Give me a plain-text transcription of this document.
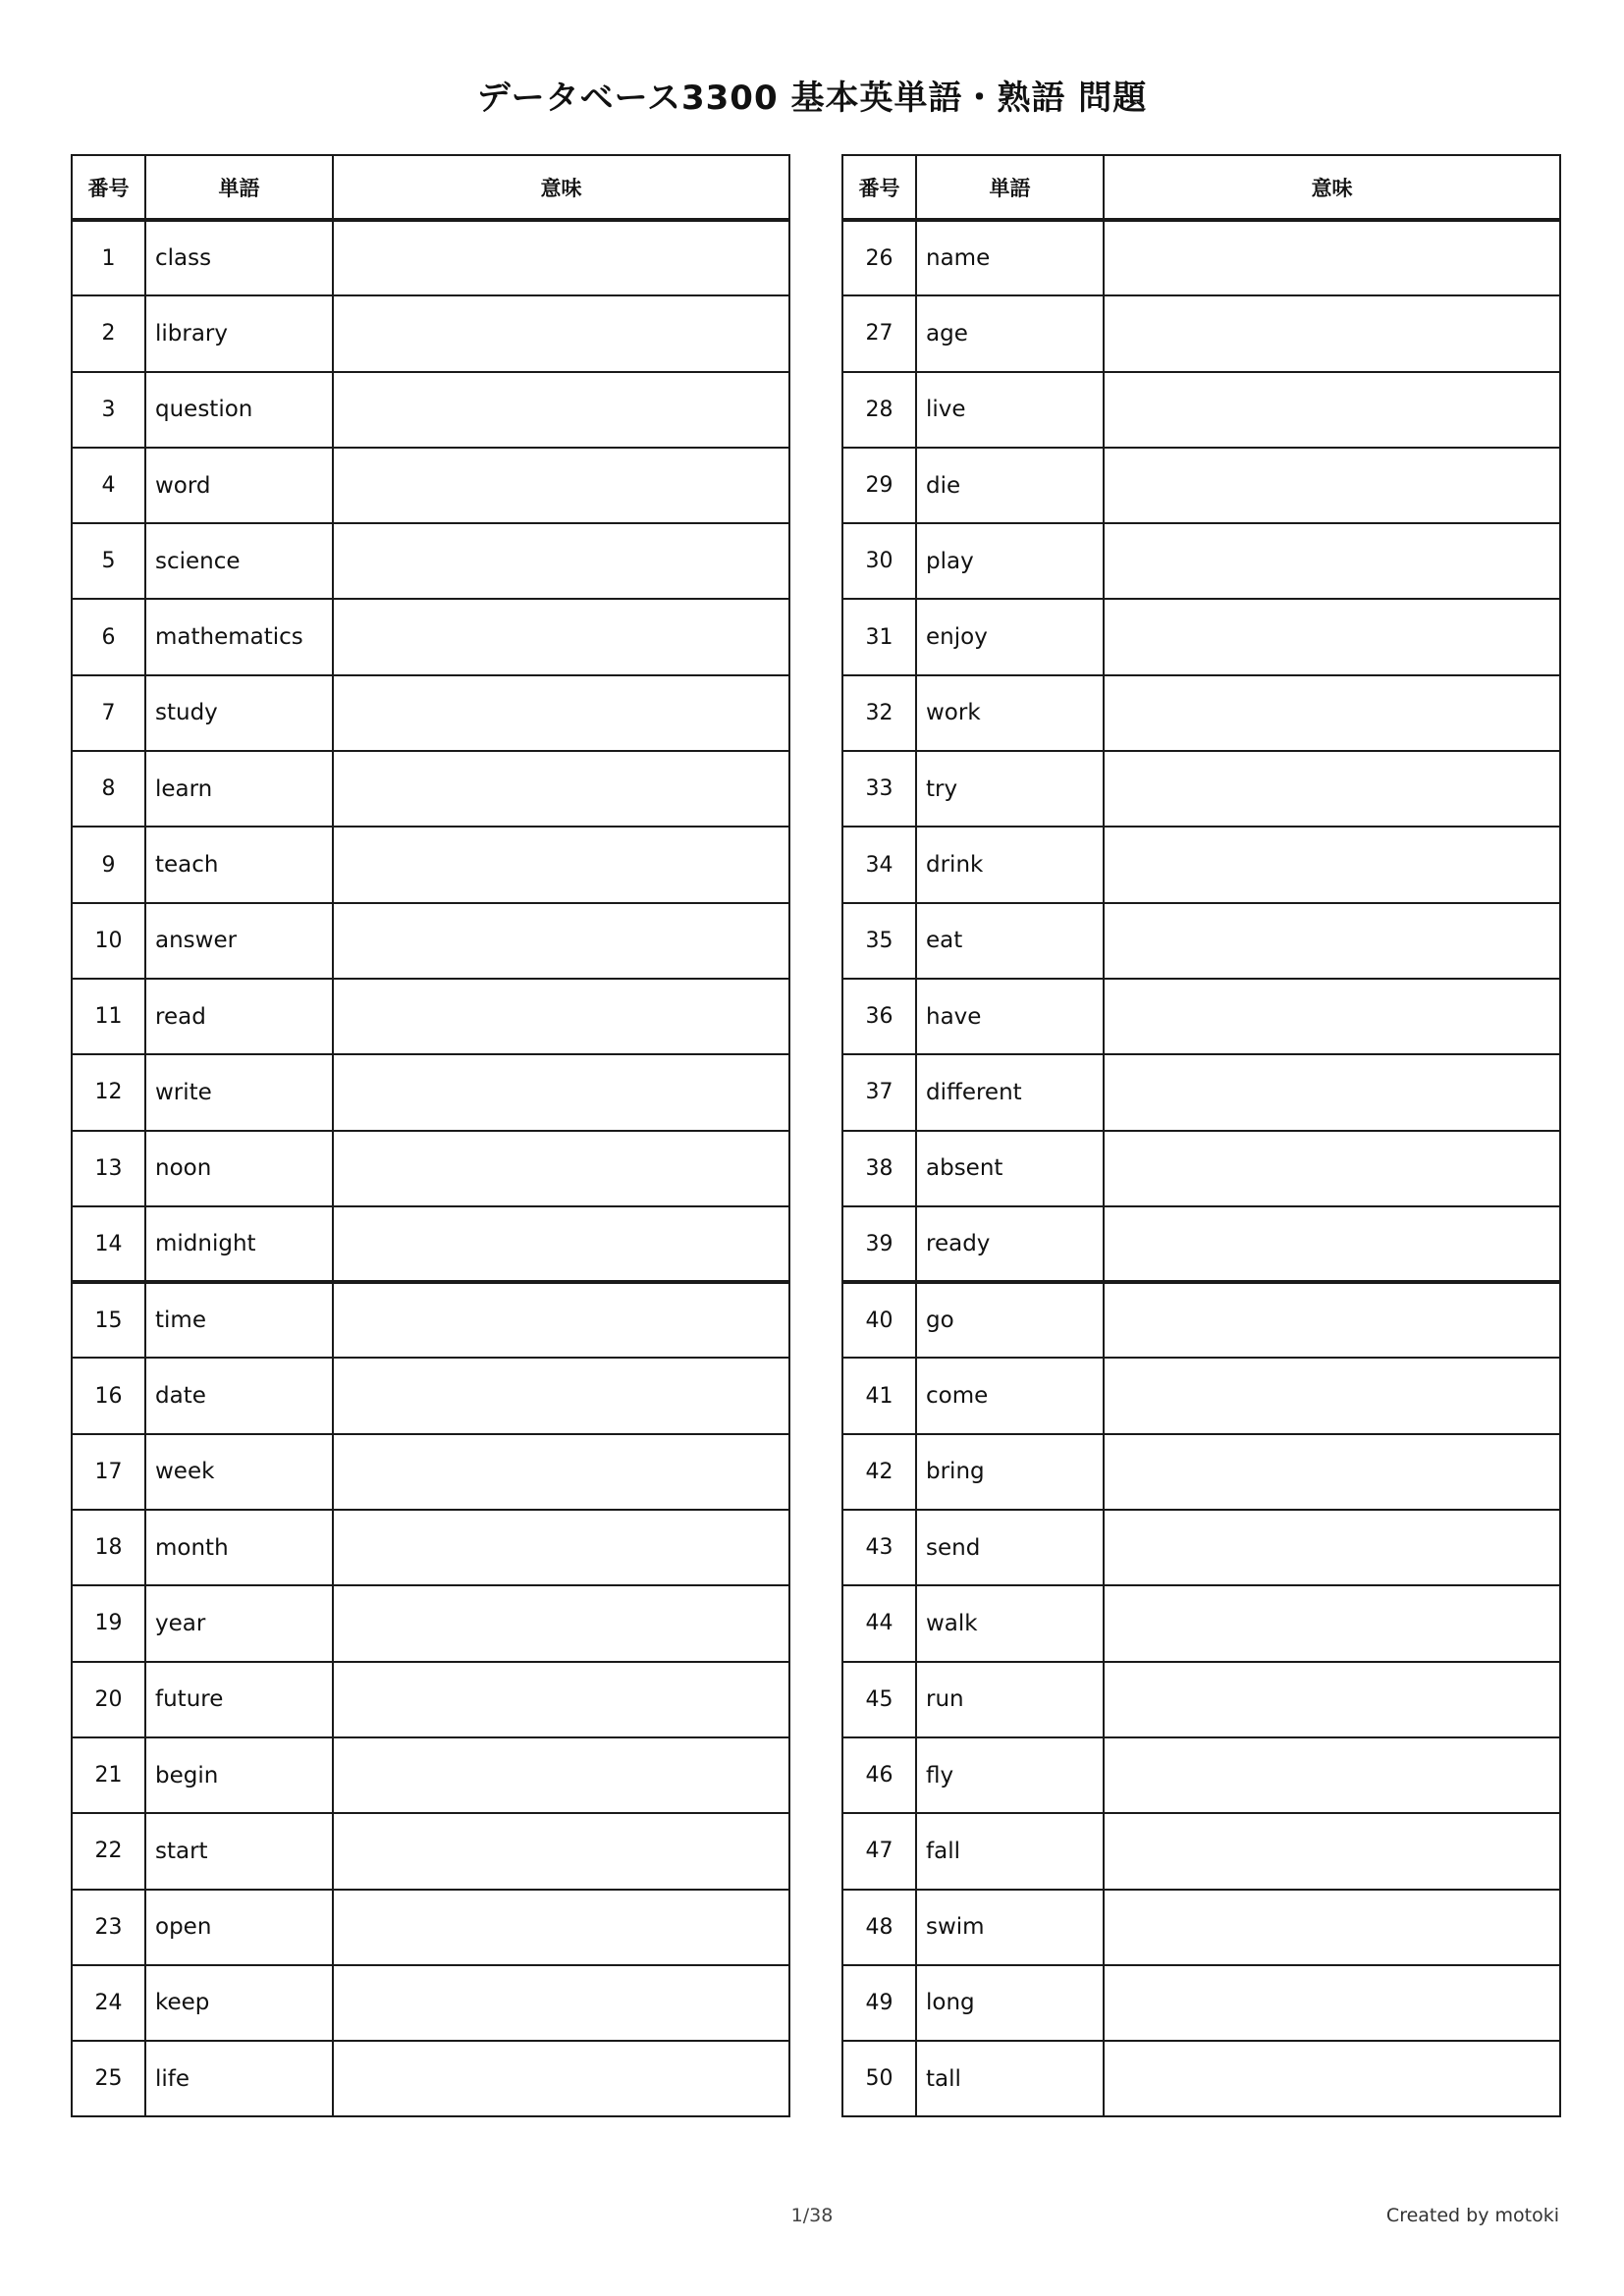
データベース3300 基本英単語・熟語 問題
番号	単語	意味
1	class	
2	library	
3	question	
4	word	
5	science	
6	mathematics	
7	study	
8	learn	
9	teach	
10	answer	
11	read	
12	write	
13	noon	
14	midnight	
15	time	
16	date	
17	week	
18	month	
19	year	
20	future	
21	begin	
22	start	
23	open	
24	keep	
25	life	
番号	単語	意味
26	name	
27	age	
28	live	
29	die	
30	play	
31	enjoy	
32	work	
33	try	
34	drink	
35	eat	
36	have	
37	different	
38	absent	
39	ready	
40	go	
41	come	
42	bring	
43	send	
44	walk	
45	run	
46	fly	
47	fall	
48	swim	
49	long	
50	tall	
1/38	Created by motoki
